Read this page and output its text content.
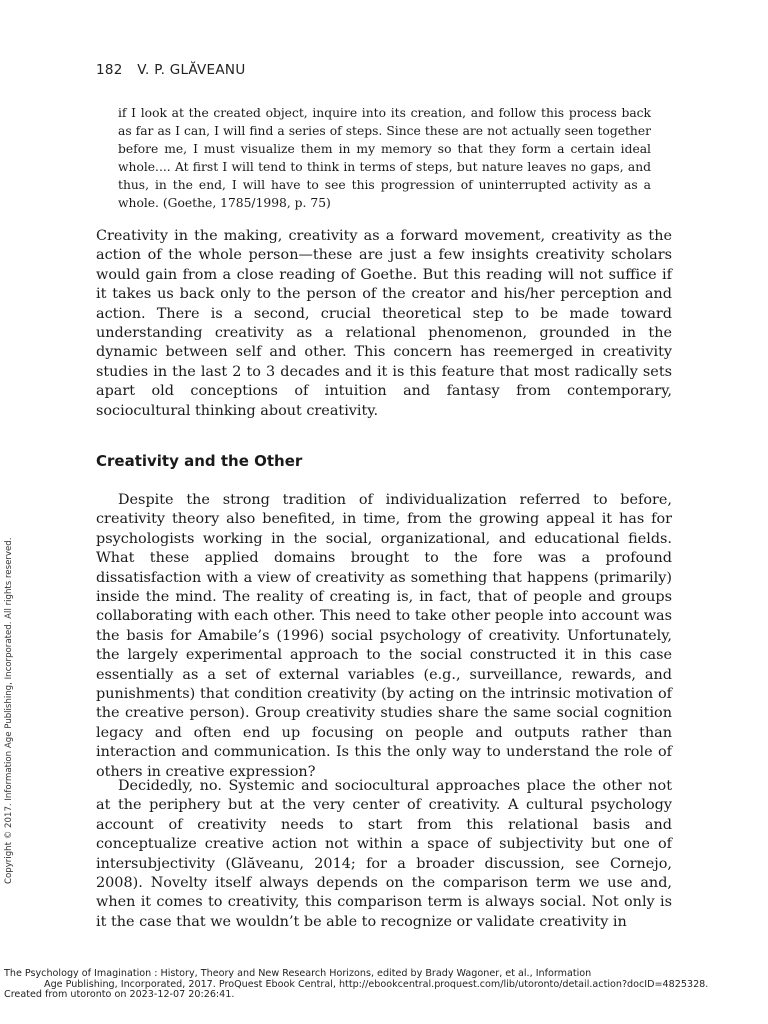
182 V. P. GLĂVEANU
if I look at the created object, inquire into its creation, and follow this process back as far as I can, I will find a series of steps. Since these are not actually seen together before me, I must visualize them in my memory so that they form a certain ideal whole.... At first I will tend to think in terms of steps, but nature leaves no gaps, and thus, in the end, I will have to see this progression of uninterrupted activity as a whole. (Goethe, 1785/1998, p. 75)

Creativity in the making, creativity as a forward movement, creativity as the action of the whole person—these are just a few insights creativity scholars would gain from a close reading of Goethe. But this reading will not suffice if it takes us back only to the person of the creator and his/her perception and action. There is a second, crucial theoretical step to be made toward understanding creativity as a relational phenomenon, grounded in the dynamic between self and other. This concern has reemerged in creativity studies in the last 2 to 3 decades and it is this feature that most radically sets apart old conceptions of intuition and fantasy from contemporary, sociocultural thinking about creativity.

Creativity and the Other

Despite the strong tradition of individualization referred to before, creativity theory also benefited, in time, from the growing appeal it has for psychologists working in the social, organizational, and educational fields. What these applied domains brought to the fore was a profound dissatisfaction with a view of creativity as something that happens (primarily) inside the mind. The reality of creating is, in fact, that of people and groups collaborating with each other. This need to take other people into account was the basis for Amabile’s (1996) social psychology of creativity. Unfortunately, the largely experimental approach to the social constructed it in this case essentially as a set of external variables (e.g., surveillance, rewards, and punishments) that condition creativity (by acting on the intrinsic motivation of the creative person). Group creativity studies share the same social cognition legacy and often end up focusing on people and outputs rather than interaction and communication. Is this the only way to understand the role of others in creative expression?

Decidedly, no. Systemic and sociocultural approaches place the other not at the periphery but at the very center of creativity. A cultural psychology account of creativity needs to start from this relational basis and conceptualize creative action not within a space of subjectivity but one of intersubjectivity (Glăveanu, 2014; for a broader discussion, see Cornejo, 2008). Novelty itself always depends on the comparison term we use and, when it comes to creativity, this comparison term is always social. Not only is it the case that we wouldn’t be able to recognize or validate creativity in

Copyright © 2017. Information Age Publishing, Incorporated. All rights reserved.
The Psychology of Imagination : History, Theory and New Research Horizons, edited by Brady Wagoner, et al., Information
Age Publishing, Incorporated, 2017. ProQuest Ebook Central, http://ebookcentral.proquest.com/lib/utoronto/detail.action?docID=4825328.
Created from utoronto on 2023-12-07 20:26:41.
